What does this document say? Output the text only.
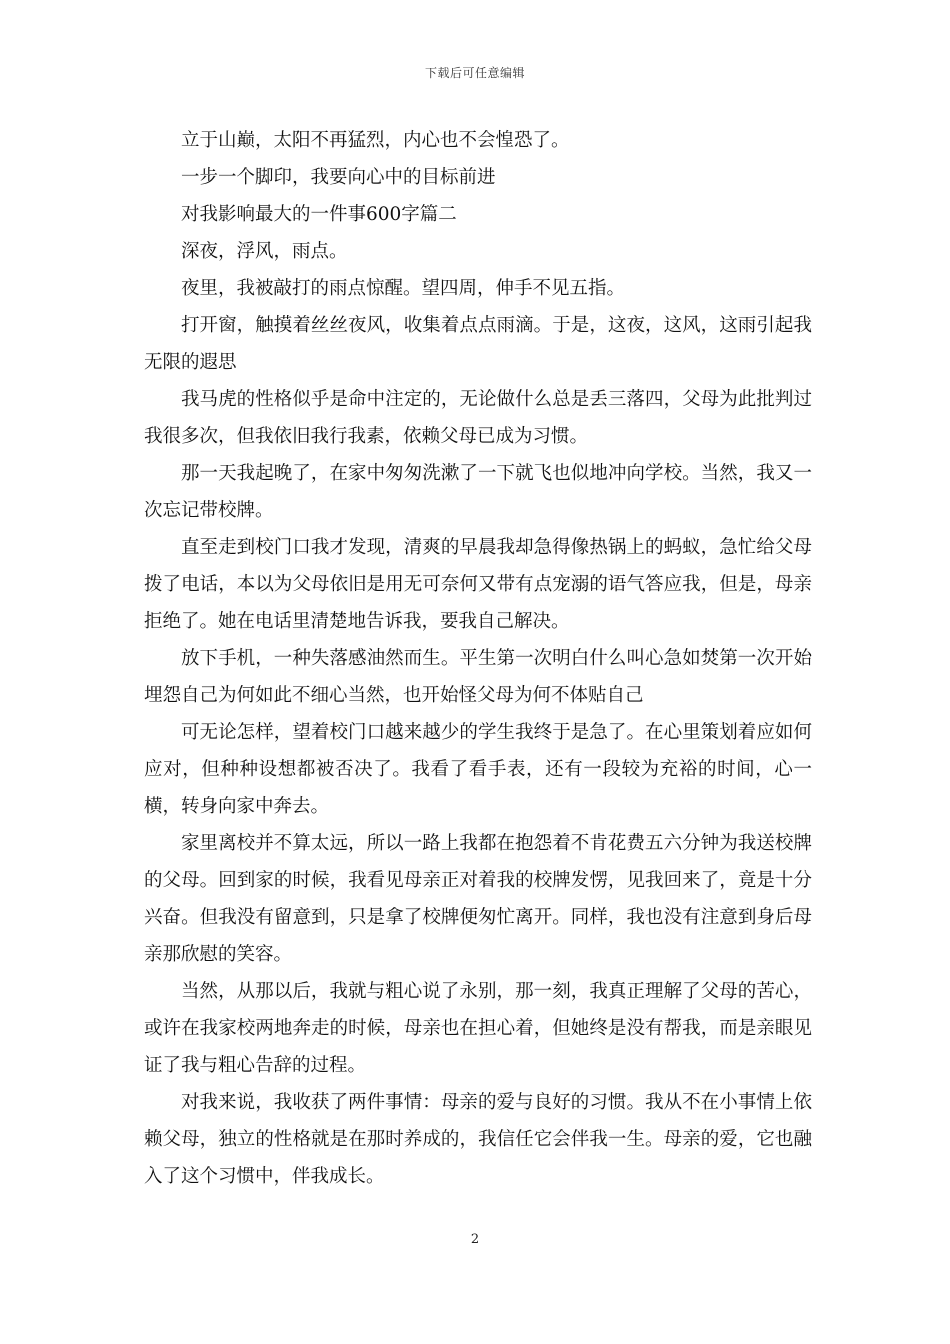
下载后可任意编辑

立于山巅，太阳不再猛烈，内心也不会惶恐了。

一步一个脚印，我要向心中的目标前进

对我影响最大的一件事600字篇二

深夜，浮风，雨点。

夜里，我被敲打的雨点惊醒。望四周，伸手不见五指。

打开窗，触摸着丝丝夜风，收集着点点雨滴。于是，这夜，这风，这雨引起我无限的遐思

我马虎的性格似乎是命中注定的，无论做什么总是丢三落四，父母为此批判过我很多次，但我依旧我行我素，依赖父母已成为习惯。

那一天我起晚了，在家中匆匆洗漱了一下就飞也似地冲向学校。当然，我又一次忘记带校牌。

直至走到校门口我才发现，清爽的早晨我却急得像热锅上的蚂蚁，急忙给父母拨了电话，本以为父母依旧是用无可奈何又带有点宠溺的语气答应我，但是，母亲拒绝了。她在电话里清楚地告诉我，要我自己解决。

放下手机，一种失落感油然而生。平生第一次明白什么叫心急如焚第一次开始埋怨自己为何如此不细心当然，也开始怪父母为何不体贴自己

可无论怎样，望着校门口越来越少的学生我终于是急了。在心里策划着应如何应对，但种种设想都被否决了。我看了看手表，还有一段较为充裕的时间，心一横，转身向家中奔去。

家里离校并不算太远，所以一路上我都在抱怨着不肯花费五六分钟为我送校牌的父母。回到家的时候，我看见母亲正对着我的校牌发愣，见我回来了，竟是十分兴奋。但我没有留意到，只是拿了校牌便匆忙离开。同样，我也没有注意到身后母亲那欣慰的笑容。

当然，从那以后，我就与粗心说了永别，那一刻，我真正理解了父母的苦心，或许在我家校两地奔走的时候，母亲也在担心着，但她终是没有帮我，而是亲眼见证了我与粗心告辞的过程。

对我来说，我收获了两件事情：母亲的爱与良好的习惯。我从不在小事情上依赖父母，独立的性格就是在那时养成的，我信任它会伴我一生。母亲的爱，它也融入了这个习惯中，伴我成长。

2
